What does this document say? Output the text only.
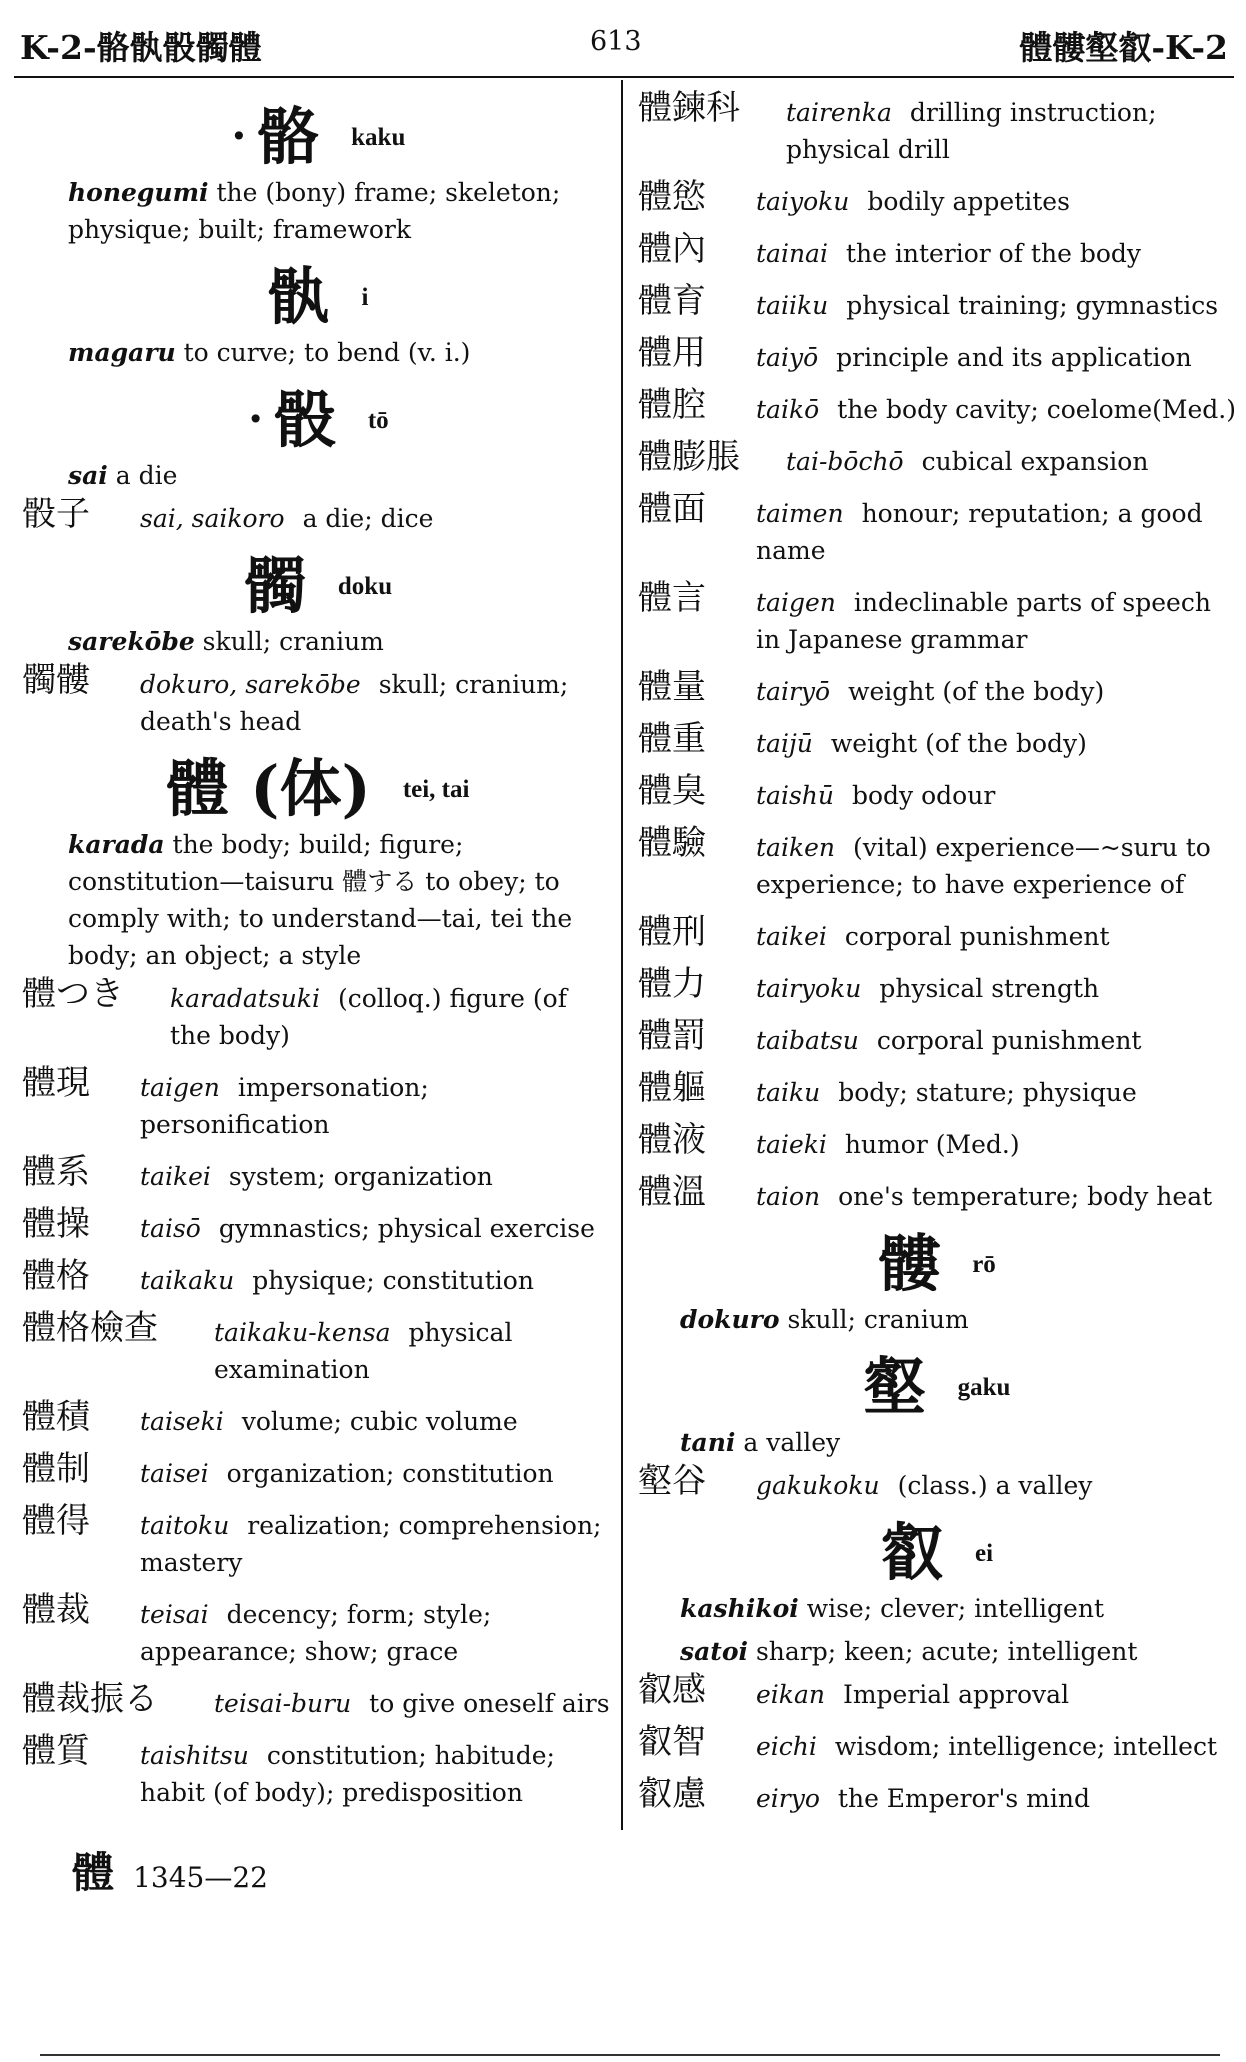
K-2-骼骫骰髑體	613	體髏壑叡-K-2
• 骼 kaku
honegumi the (bony) frame; skeleton; physique; built; framework
骫 i
magaru to curve; to bend (v. i.)
• 骰 tō
sai a die
骰子 sai, saikoro a die; dice
髑 doku
sarekōbe skull; cranium
髑髏 dokuro, sarekōbe skull; cranium; death's head
體 (体) tei, tai
karada the body; build; figure; constitution—taisuru 體する to obey; to comply with; to understand—tai, tei the body; an object; a style
體つき karadatsuki (colloq.) figure (of the body)
體現 taigen impersonation; personification
體系 taikei system; organization
體操 taisō gymnastics; physical exercise
體格 taikaku physique; constitution
體格檢查 taikaku-kensa physical examination
體積 taiseki volume; cubic volume
體制 taisei organization; constitution
體得 taitoku realization; comprehension; mastery
體裁 teisai decency; form; style; appearance; show; grace
體裁振る teisai-buru to give oneself airs
體質 taishitsu constitution; habitude; habit (of body); predisposition
體鍊科 tairenka drilling instruction; physical drill
體慾 taiyoku bodily appetites
體內 tainai the interior of the body
體育 taiiku physical training; gymnastics
體用 taiyō principle and its application
體腔 taikō the body cavity; coelome(Med.)
體膨脹 tai-bōchō cubical expansion
體面 taimen honour; reputation; a good name
體言 taigen indeclinable parts of speech in Japanese grammar
體量 tairyō weight (of the body)
體重 taijū weight (of the body)
體臭 taishū body odour
體驗 taiken (vital) experience—~suru to experience; to have experience of
體刑 taikei corporal punishment
體力 tairyoku physical strength
體罰 taibatsu corporal punishment
體軀 taiku body; stature; physique
體液 taieki humor (Med.)
體溫 taion one's temperature; body heat
髏 rō
dokuro skull; cranium
壑 gaku
tani a valley
壑谷 gakukoku (class.) a valley
叡 ei
kashikoi wise; clever; intelligent
satoi sharp; keen; acute; intelligent
叡感 eikan Imperial approval
叡智 eichi wisdom; intelligence; intellect
叡慮 eiryo the Emperor's mind
體 1345—22
